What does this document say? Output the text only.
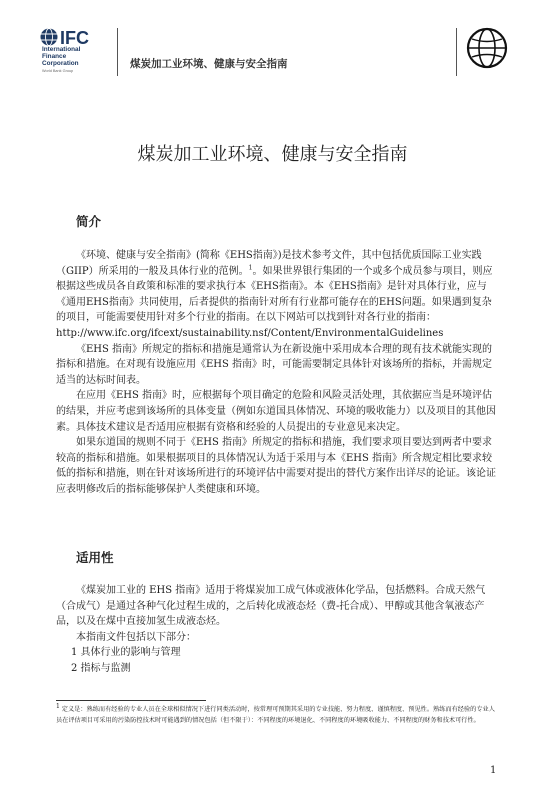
IFC
International
Finance
Corporation
World Bank Group
煤炭加工业环境、健康与安全指南
煤炭加工业环境、健康与安全指南
简介

《环境、健康与安全指南》(简称《EHS指南》)是技术参考文件，其中包括优质国际工业实践（GIIP）所采用的一般及具体行业的范例。$^1$。如果世界银行集团的一个或多个成员参与项目，则应根据这些成员各自政策和标准的要求执行本《EHS指南》。本《EHS指南》是针对具体行业，应与《通用EHS指南》共同使用，后者提供的指南针对所有行业都可能存在的EHS问题。如果遇到复杂的项目，可能需要使用针对多个行业的指南。在以下网站可以找到针对各行业的指南：http://www.ifc.org/ifcext/sustainability.nsf/Content/EnvironmentalGuidelines

《EHS 指南》所规定的指标和措施是通常认为在新设施中采用成本合理的现有技术就能实现的指标和措施。在对现有设施应用《EHS 指南》时，可能需要制定具体针对该场所的指标，并需规定适当的达标时间表。

在应用《EHS 指南》时，应根据每个项目确定的危险和风险灵活处理，其依据应当是环境评估的结果，并应考虑到该场所的具体变量（例如东道国具体情况、环境的吸收能力）以及项目的其他因素。具体技术建议是否适用应根据有资格和经验的人员提出的专业意见来决定。

如果东道国的规则不同于《EHS 指南》所规定的指标和措施，我们要求项目要达到两者中要求较高的指标和措施。如果根据项目的具体情况认为适于采用与本《EHS 指南》所含规定相比要求较低的指标和措施，则在针对该场所进行的环境评估中需要对提出的替代方案作出详尽的论证。该论证应表明修改后的指标能够保护人类健康和环境。

适用性

《煤炭加工业的 EHS 指南》适用于将煤炭加工成气体或液体化学品，包括燃料。合成天然气（合成气）是通过各种气化过程生成的，之后转化成液态烃（费-托合成）、甲醇或其他含氧液态产品，以及在煤中直接加氢生成液态烃。

本指南文件包括以下部分：

1 具体行业的影响与管理

2 指标与监测

$^1$ 定义是：熟练而有经验的专业人员在全球相似情况下进行同类活动时，按常理可预期其采用的专业技能、努力程度、谨慎程度、预见性。熟练而有经验的专业人员在评估项目可采用的污染防控技术时可能遇到的情况包括（但不限于）：不同程度的环境退化、不同程度的环境吸收能力、不同程度的财务和技术可行性。
1
